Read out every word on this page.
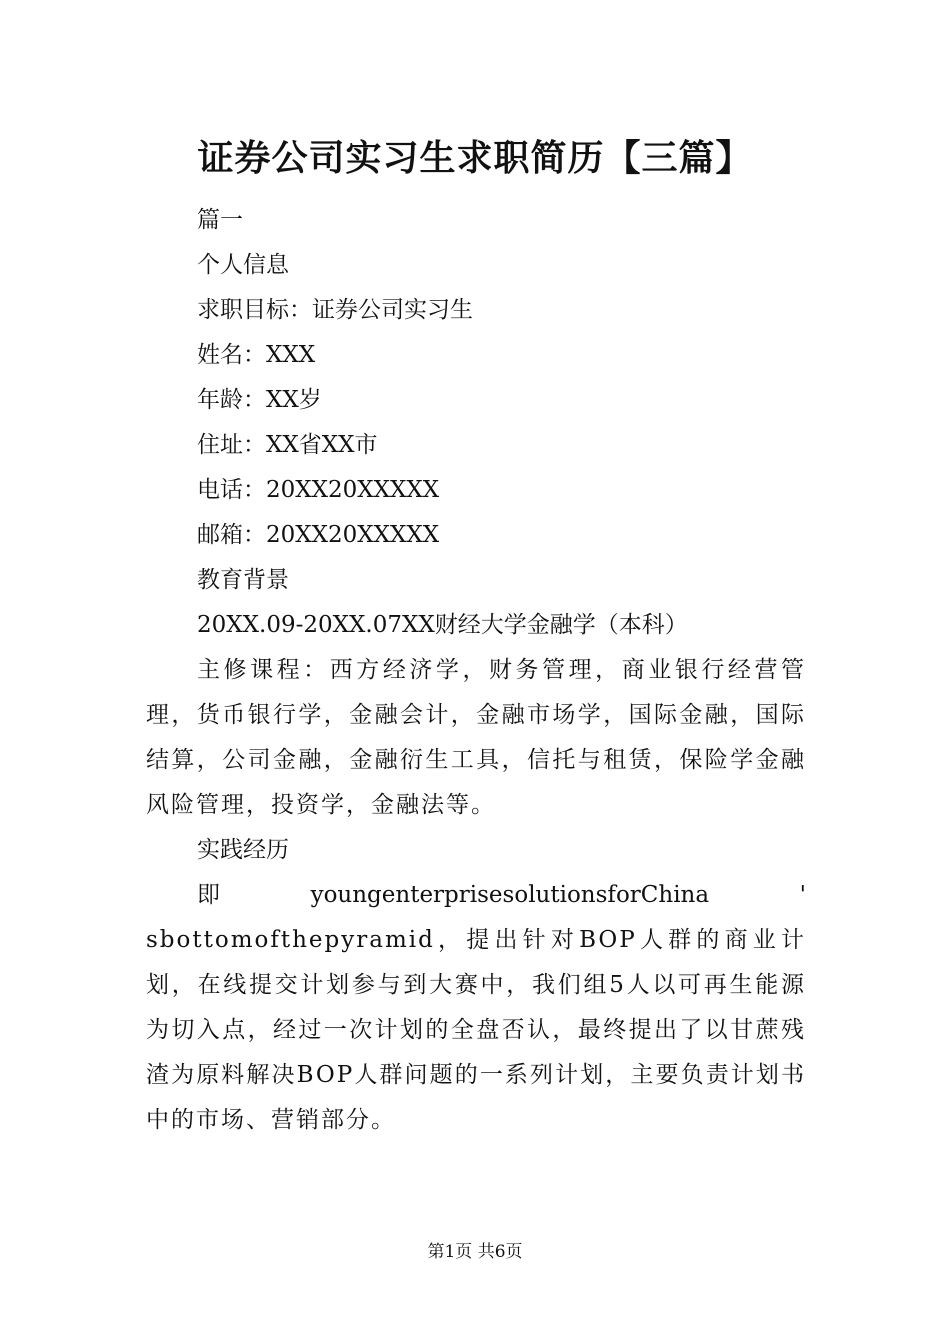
证券公司实习生求职简历【三篇】

篇一

个人信息

求职目标：证券公司实习生

姓名：XXX

年龄：XX岁

住址：XX省XX市

电话：20XX20XXXXX

邮箱：20XX20XXXXX

教育背景

20XX.09-20XX.07XX财经大学金融学（本科）

主修课程：西方经济学，财务管理，商业银行经营管理，货币银行学，金融会计，金融市场学，国际金融，国际结算，公司金融，金融衍生工具，信托与租赁，保险学金融风险管理，投资学，金融法等。

实践经历

即	youngenterprisesolutionsforChina	'

sbottomofthepyramid，提出针对BOP人群的商业计划，在线提交计划参与到大赛中，我们组5人以可再生能源为切入点，经过一次计划的全盘否认，最终提出了以甘蔗残渣为原料解决BOP人群问题的一系列计划，主要负责计划书中的市场、营销部分。

第1页 共6页
